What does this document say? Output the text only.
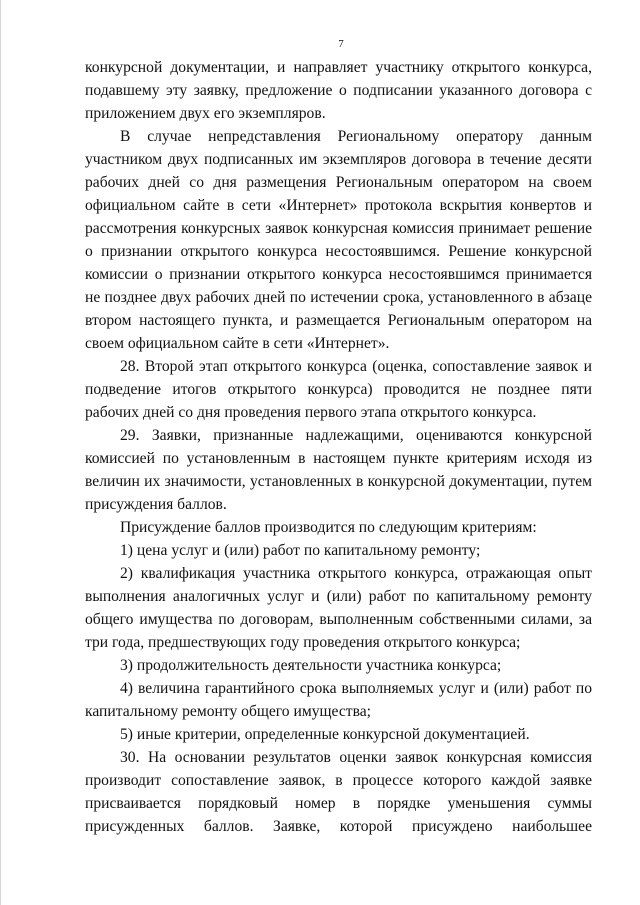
7

конкурсной документации, и направляет участнику открытого конкурса, подавшему эту заявку, предложение о подписании указанного договора с приложением двух его экземпляров.

В случае непредставления Региональному оператору данным участником двух подписанных им экземпляров договора в течение десяти рабочих дней со дня размещения Региональным оператором на своем официальном сайте в сети «Интернет» протокола вскрытия конвертов и рассмотрения конкурсных заявок конкурсная комиссия принимает решение о признании открытого конкурса несостоявшимся. Решение конкурсной комиссии о признании открытого конкурса несостоявшимся принимается не позднее двух рабочих дней по истечении срока, установленного в абзаце втором настоящего пункта, и размещается Региональным оператором на своем официальном сайте в сети «Интернет».

28. Второй этап открытого конкурса (оценка, сопоставление заявок и подведение итогов открытого конкурса) проводится не позднее пяти рабочих дней со дня проведения первого этапа открытого конкурса.

29. Заявки, признанные надлежащими, оцениваются конкурсной комиссией по установленным в настоящем пункте критериям исходя из величин их значимости, установленных в конкурсной документации, путем присуждения баллов.

Присуждение баллов производится по следующим критериям:

1) цена услуг и (или) работ по капитальному ремонту;

2) квалификация участника открытого конкурса, отражающая опыт выполнения аналогичных услуг и (или) работ по капитальному ремонту общего имущества по договорам, выполненным собственными силами, за три года, предшествующих году проведения открытого конкурса;

3) продолжительность деятельности участника конкурса;

4) величина гарантийного срока выполняемых услуг и (или) работ по капитальному ремонту общего имущества;

5) иные критерии, определенные конкурсной документацией.

30. На основании результатов оценки заявок конкурсная комиссия производит сопоставление заявок, в процессе которого каждой заявке присваивается порядковый номер в порядке уменьшения суммы присужденных баллов. Заявке, которой присуждено наибольшее
